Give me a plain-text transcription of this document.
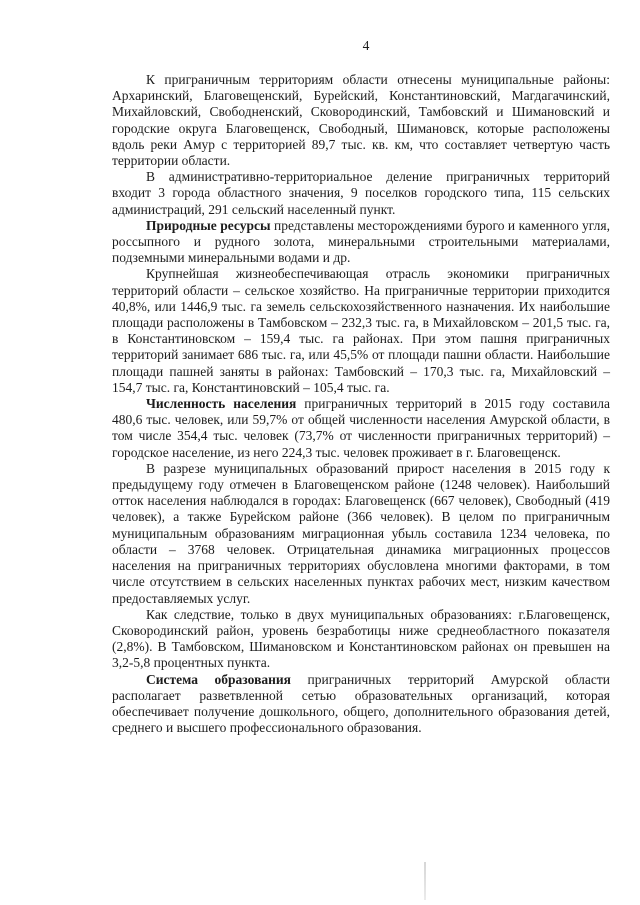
4

К приграничным территориям области отнесены муниципальные районы: Архаринский, Благовещенский, Бурейский, Константиновский, Магдагачинский, Михайловский, Свободненский, Сковородинский, Тамбовский и Шимановский и городские округа Благовещенск, Свободный, Шимановск, которые расположены вдоль реки Амур с территорией 89,7 тыс. кв. км, что составляет четвертую часть территории области.

В административно-территориальное деление приграничных территорий входит 3 города областного значения, 9 поселков городского типа, 115 сельских администраций, 291 сельский населенный пункт.

Природные ресурсы представлены месторождениями бурого и каменного угля, россыпного и рудного золота, минеральными строительными материалами, подземными минеральными водами и др.

Крупнейшая жизнеобеспечивающая отрасль экономики приграничных территорий области – сельское хозяйство. На приграничные территории приходится 40,8%, или 1446,9 тыс. га земель сельскохозяйственного назначения. Их наибольшие площади расположены в Тамбовском – 232,3 тыс. га, в Михайловском – 201,5 тыс. га, в Константиновском – 159,4 тыс. га районах. При этом пашня приграничных территорий занимает 686 тыс. га, или 45,5% от площади пашни области. Наибольшие площади пашней заняты в районах: Тамбовский – 170,3 тыс. га, Михайловский – 154,7 тыс. га, Константиновский – 105,4 тыс. га.

Численность населения приграничных территорий в 2015 году составила 480,6 тыс. человек, или 59,7% от общей численности населения Амурской области, в том числе 354,4 тыс. человек (73,7% от численности приграничных территорий) – городское население, из него 224,3 тыс. человек проживает в г. Благовещенск.

В разрезе муниципальных образований прирост населения в 2015 году к предыдущему году отмечен в Благовещенском районе (1248 человек). Наибольший отток населения наблюдался в городах: Благовещенск (667 человек), Свободный (419 человек), а также Бурейском районе (366 человек). В целом по приграничным муниципальным образованиям миграционная убыль составила 1234 человека, по области – 3768 человек. Отрицательная динамика миграционных процессов населения на приграничных территориях обусловлена многими факторами, в том числе отсутствием в сельских населенных пунктах рабочих мест, низким качеством предоставляемых услуг.

Как следствие, только в двух муниципальных образованиях: г.Благовещенск, Сковородинский район, уровень безработицы ниже среднеобластного показателя (2,8%). В Тамбовском, Шимановском и Константиновском районах он превышен на 3,2-5,8 процентных пункта.

Система образования приграничных территорий Амурской области располагает разветвленной сетью образовательных организаций, которая обеспечивает получение дошкольного, общего, дополнительного образования детей, среднего и высшего профессионального образования.
